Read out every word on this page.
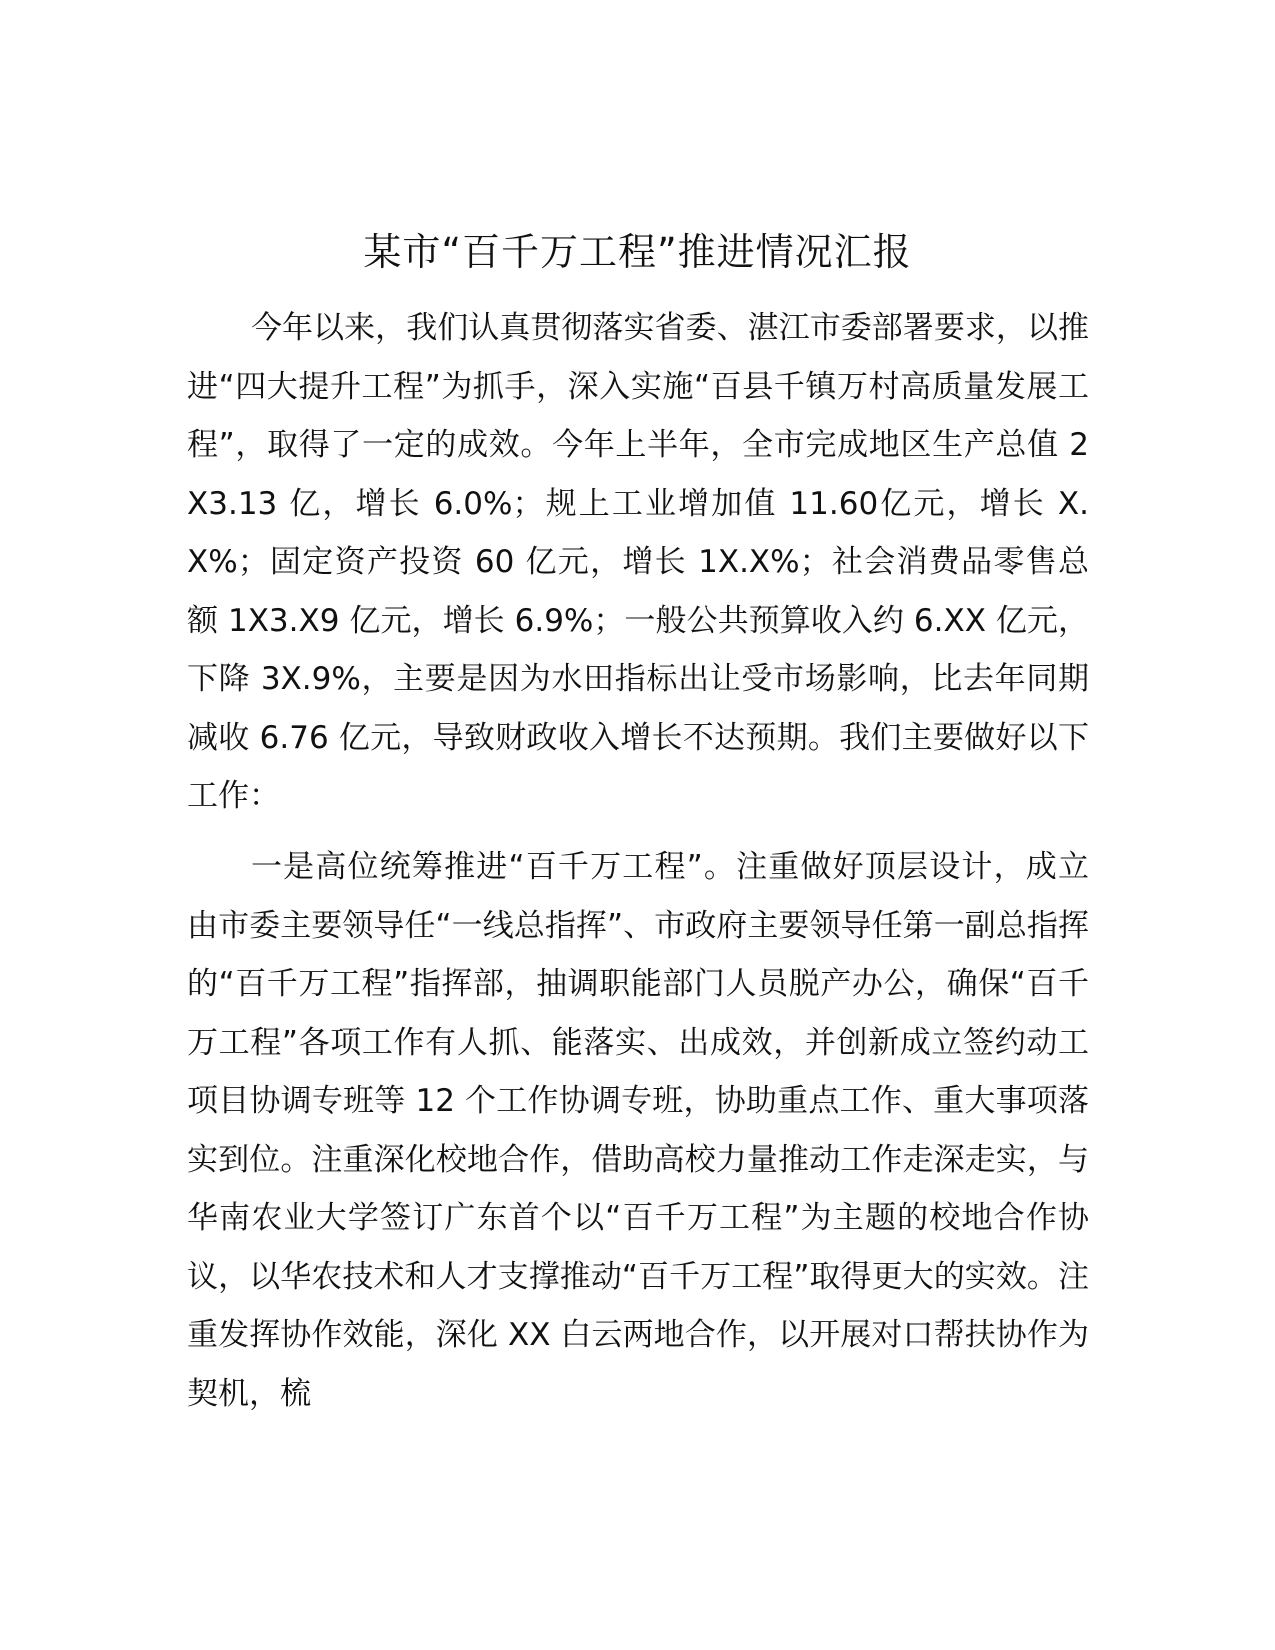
某市“百千万工程”推进情况汇报

今年以来，我们认真贯彻落实省委、湛江市委部署要求，以推进“四大提升工程”为抓手，深入实施“百县千镇万村高质量发展工程”，取得了一定的成效。今年上半年，全市完成地区生产总值 2X3.13 亿，增长 6.0%；规上工业增加值 11.60亿元，增长 X.X%；固定资产投资 60 亿元，增长 1X.X%；社会消费品零售总额 1X3.X9 亿元，增长 6.9%；一般公共预算收入约 6.XX 亿元，下降 3X.9%，主要是因为水田指标出让受市场影响，比去年同期减收 6.76 亿元，导致财政收入增长不达预期。我们主要做好以下工作：

一是高位统筹推进“百千万工程”。注重做好顶层设计，成立由市委主要领导任“一线总指挥”、市政府主要领导任第一副总指挥的“百千万工程”指挥部，抽调职能部门人员脱产办公，确保“百千万工程”各项工作有人抓、能落实、出成效，并创新成立签约动工项目协调专班等 12 个工作协调专班，协助重点工作、重大事项落实到位。注重深化校地合作，借助高校力量推动工作走深走实，与华南农业大学签订广东首个以“百千万工程”为主题的校地合作协议，以华农技术和人才支撑推动“百千万工程”取得更大的实效。注重发挥协作效能，深化 XX 白云两地合作，以开展对口帮扶协作为契机，梳
